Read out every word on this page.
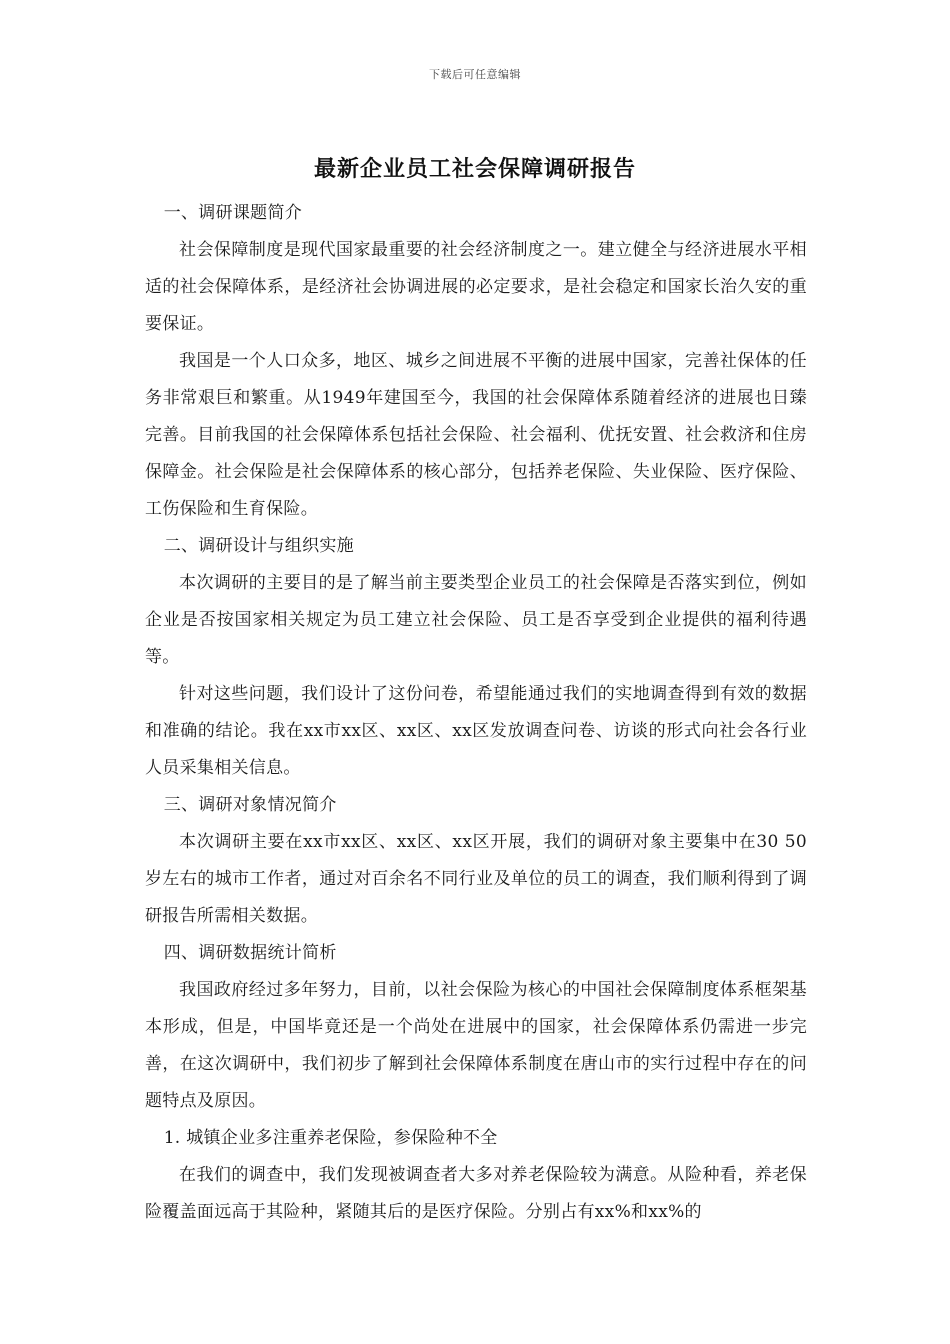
下载后可任意编辑
最新企业员工社会保障调研报告

一、调研课题简介

社会保障制度是现代国家最重要的社会经济制度之一。建立健全与经济进展水平相适的社会保障体系，是经济社会协调进展的必定要求，是社会稳定和国家长治久安的重要保证。

我国是一个人口众多，地区、城乡之间进展不平衡的进展中国家，完善社保体的任务非常艰巨和繁重。从1949年建国至今，我国的社会保障体系随着经济的进展也日臻完善。目前我国的社会保障体系包括社会保险、社会福利、优抚安置、社会救济和住房保障金。社会保险是社会保障体系的核心部分，包括养老保险、失业保险、医疗保险、工伤保险和生育保险。

二、调研设计与组织实施

本次调研的主要目的是了解当前主要类型企业员工的社会保障是否落实到位，例如企业是否按国家相关规定为员工建立社会保险、员工是否享受到企业提供的福利待遇等。

针对这些问题，我们设计了这份问卷，希望能通过我们的实地调查得到有效的数据和准确的结论。我在xx市xx区、xx区、xx区发放调查问卷、访谈的形式向社会各行业人员采集相关信息。

三、调研对象情况简介

本次调研主要在xx市xx区、xx区、xx区开展，我们的调研对象主要集中在30 50岁左右的城市工作者，通过对百余名不同行业及单位的员工的调查，我们顺利得到了调研报告所需相关数据。

四、调研数据统计简析

我国政府经过多年努力，目前，以社会保险为核心的中国社会保障制度体系框架基本形成，但是，中国毕竟还是一个尚处在进展中的国家，社会保障体系仍需进一步完善，在这次调研中，我们初步了解到社会保障体系制度在唐山市的实行过程中存在的问题特点及原因。

1. 城镇企业多注重养老保险，参保险种不全

在我们的调查中，我们发现被调查者大多对养老保险较为满意。从险种看，养老保险覆盖面远高于其险种，紧随其后的是医疗保险。分别占有xx%和xx%的
